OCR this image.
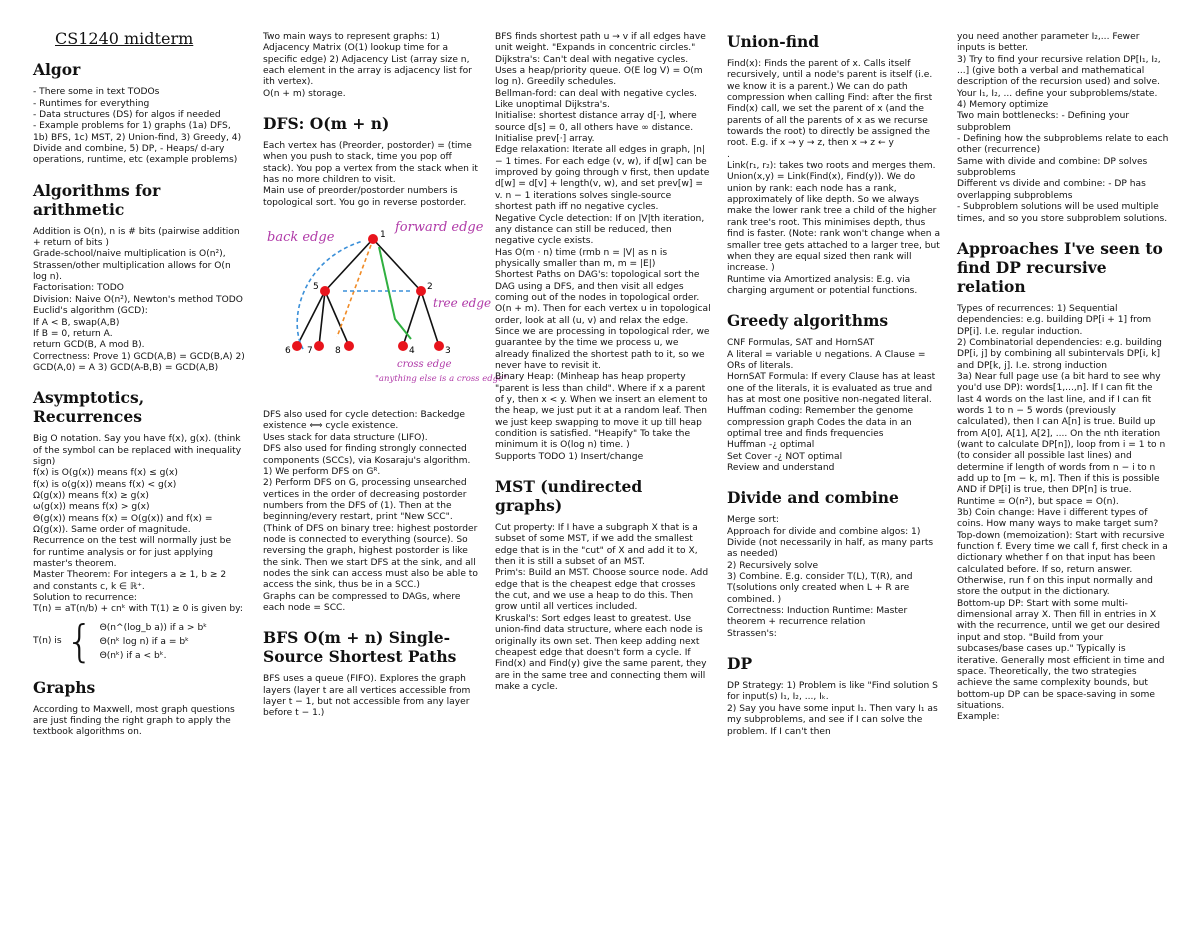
CS1240 midterm

Algor

- There some in text TODOs

- Runtimes for everything

- Data structures (DS) for algos if needed

- Example problems for 1) graphs (1a) DFS, 1b) BFS, 1c) MST, 2) Union-find, 3) Greedy, 4) Divide and combine, 5) DP, - Heaps/ d-ary operations, runtime, etc (example problems)

Algorithms for arithmetic

Addition is O(n), n is # bits (pairwise addition + return of bits )

Grade-school/naive multiplication is O(n²), Strassen/other multiplication allows for O(n log n).

Factorisation: TODO

Division: Naive O(n²), Newton's method TODO

Euclid's algorithm (GCD):

If A < B, swap(A,B)

If B = 0, return A.

return GCD(B, A mod B).

Correctness: Prove 1) GCD(A,B) = GCD(B,A) 2) GCD(A,0) = A 3) GCD(A-B,B) = GCD(A,B)

Asymptotics, Recurrences

Big O notation. Say you have f(x), g(x). (think of the symbol can be replaced with inequality sign)

f(x) is O(g(x)) means f(x) ≤ g(x)

f(x) is o(g(x)) means f(x) < g(x)

Ω(g(x)) means f(x) ≥ g(x)

ω(g(x)) means f(x) > g(x)

Θ(g(x)) means f(x) = O(g(x)) and f(x) = Ω(g(x)). Same order of magnitude.

Recurrence on the test will normally just be for runtime analysis or for just applying master's theorem.

Master Theorem: For integers a ≥ 1, b ≥ 2 and constants c, k ∈ ℝ⁺.

Solution to recurrence:

T(n) = aT(n/b) + cnᵏ with T(1) ≥ 0 is given by:

T(n) is { Θ(n^(log_b a)) if a > bᵏ

Θ(nᵏ log n) if a = bᵏ

Θ(nᵏ) if a < bᵏ.

Graphs

According to Maxwell, most graph questions are just finding the right graph to apply the textbook algorithms on.

Two main ways to represent graphs: 1) Adjacency Matrix (O(1) lookup time for a specific edge) 2) Adjacency List (array size n, each element in the array is adjacency list for ith vertex).

O(n + m) storage.

DFS: O(m + n)

Each vertex has (Preorder, postorder) = (time when you push to stack, time you pop off stack). You pop a vertex from the stack when it has no more children to visit.

Main use of preorder/postorder numbers is topological sort. You go in reverse postorder.

1
5	2
6 7 8	4	3
back edge
forward edge
tree edge
cross edge
"anything else is a cross edge"

DFS also used for cycle detection: Backedge existence ⟺ cycle existence.

Uses stack for data structure (LIFO).

DFS also used for finding strongly connected components (SCCs), via Kosaraju's algorithm.

1) We perform DFS on Gᴿ.

2) Perform DFS on G, processing unsearched vertices in the order of decreasing postorder numbers from the DFS of (1). Then at the beginning/every restart, print "New SCC".

(Think of DFS on binary tree: highest postorder node is connected to everything (source). So reversing the graph, highest postorder is like the sink. Then we start DFS at the sink, and all nodes the sink can access must also be able to access the sink, thus be in a SCC.)

Graphs can be compressed to DAGs, where each node = SCC.

BFS O(m + n) Single-Source Shortest Paths

BFS uses a queue (FIFO). Explores the graph layers (layer t are all vertices accessible from layer t − 1, but not accessible from any layer before t − 1.)

BFS finds shortest path u → v if all edges have unit weight. "Expands in concentric circles."

Dijkstra's: Can't deal with negative cycles. Uses a heap/priority queue. O(E log V) = O(m log n). Greedily schedules.

Bellman-ford: can deal with negative cycles. Like unoptimal Dijkstra's.

Initialise: shortest distance array d[·], where source d[s] = 0, all others have ∞ distance. Initialise prev[·] array.

Edge relaxation: Iterate all edges in graph, |n| − 1 times. For each edge (v, w), if d[w] can be improved by going through v first, then update d[w] = d[v] + length(v, w), and set prev[w] = v. n − 1 iterations solves single-source shortest path iff no negative cycles.

Negative Cycle detection: If on |V|th iteration, any distance can still be reduced, then negative cycle exists.

Has O(m · n) time (rmb n = |V| as n is physically smaller than m, m = |E|)

Shortest Paths on DAG's: topological sort the DAG using a DFS, and then visit all edges coming out of the nodes in topological order. O(n + m). Then for each vertex u in topological order, look at all (u, v) and relax the edge. Since we are processing in topological rder, we guarantee by the time we process u, we already finalized the shortest path to it, so we never have to revisit it.

Binary Heap: (Minheap has heap property "parent is less than child". Where if x a parent of y, then x < y. When we insert an element to the heap, we just put it at a random leaf. Then we just keep swapping to move it up till heap condition is satisfied. "Heapify" To take the minimum it is O(log n) time. )

Supports TODO 1) Insert/change

MST (undirected graphs)

Cut property: If I have a subgraph X that is a subset of some MST, if we add the smallest edge that is in the "cut" of X and add it to X, then it is still a subset of an MST.

Prim's: Build an MST. Choose source node. Add edge that is the cheapest edge that crosses the cut, and we use a heap to do this. Then grow until all vertices included.

Kruskal's: Sort edges least to greatest. Use union-find data structure, where each node is originally its own set. Then keep adding next cheapest edge that doesn't form a cycle. If Find(x) and Find(y) give the same parent, they are in the same tree and connecting them will make a cycle.

Union-find

Find(x): Finds the parent of x. Calls itself recursively, until a node's parent is itself (i.e. we know it is a parent.) We can do path compression when calling Find: after the first Find(x) call, we set the parent of x (and the parents of all the parents of x as we recurse towards the root) to directly be assigned the root. E.g. if x → y → z, then x → z ← y

.

Link(r₁, r₂): takes two roots and merges them.

Union(x,y) = Link(Find(x), Find(y)). We do union by rank: each node has a rank, approximately of like depth. So we always make the lower rank tree a child of the higher rank tree's root. This minimises depth, thus find is faster. (Note: rank won't change when a smaller tree gets attached to a larger tree, but when they are equal sized then rank will increase. )

Runtime via Amortized analysis: E.g. via charging argument or potential functions.

Greedy algorithms

CNF Formulas, SAT and HornSAT

A literal = variable ∪ negations. A Clause = ORs of literals.

HornSAT Formula: If every Clause has at least one of the literals, it is evaluated as true and has at most one positive non-negated literal.

Huffman coding: Remember the genome compression graph Codes the data in an optimal tree and finds frequencies

Huffman -¿ optimal

Set Cover -¿ NOT optimal

Review and understand

Divide and combine

Merge sort:

Approach for divide and combine algos: 1) Divide (not necessarily in half, as many parts as needed)

2) Recursively solve

3) Combine. E.g. consider T(L), T(R), and T(solutions only created when L + R are combined. )

Correctness: Induction Runtime: Master theorem + recurrence relation

Strassen's:

DP

DP Strategy: 1) Problem is like "Find solution S for input(s) I₁, I₂, ..., Iₖ.

2) Say you have some input I₁. Then vary I₁ as my subproblems, and see if I can solve the problem. If I can't then

you need another parameter I₂,... Fewer inputs is better.

3) Try to find your recursive relation DP[I₁, I₂, ...] (give both a verbal and mathematical description of the recursion used) and solve. Your I₁, I₂, ... define your subproblems/state.

4) Memory optimize

Two main bottlenecks: - Defining your subproblem

- Defining how the subproblems relate to each other (recurrence)

Same with divide and combine: DP solves subproblems

Different vs divide and combine: - DP has overlapping subproblems

- Subproblem solutions will be used multiple times, and so you store subproblem solutions.

Approaches I've seen to find DP recursive relation

Types of recurrences: 1) Sequential dependencies: e.g. building DP[i + 1] from DP[i]. I.e. regular induction.

2) Combinatorial dependencies: e.g. building DP[i, j] by combining all subintervals DP[i, k] and DP[k, j]. I.e. strong induction

3a) Near full page use (a bit hard to see why you'd use DP): words[1,...,n]. If I can fit the last 4 words on the last line, and if I can fit words 1 to n − 5 words (previously calculated), then I can A[n] is true. Build up from A[0], A[1], A[2], .... On the nth iteration (want to calculate DP[n]), loop from i = 1 to n (to consider all possible last lines) and determine if length of words from n − i to n add up to [m − k, m]. Then if this is possible AND if DP[i] is true, then DP[n] is true.

Runtime = O(n²), but space = O(n).

3b) Coin change: Have i different types of coins. How many ways to make target sum?

Top-down (memoization): Start with recursive function f. Every time we call f, first check in a dictionary whether f on that input has been calculated before. If so, return answer. Otherwise, run f on this input normally and store the output in the dictionary.

Bottom-up DP: Start with some multi-dimensional array X. Then fill in entries in X with the recurrence, until we get our desired input and stop. "Build from your subcases/base cases up." Typically is iterative. Generally most efficient in time and space. Theoretically, the two strategies achieve the same complexity bounds, but bottom-up DP can be space-saving in some situations.

Example:
